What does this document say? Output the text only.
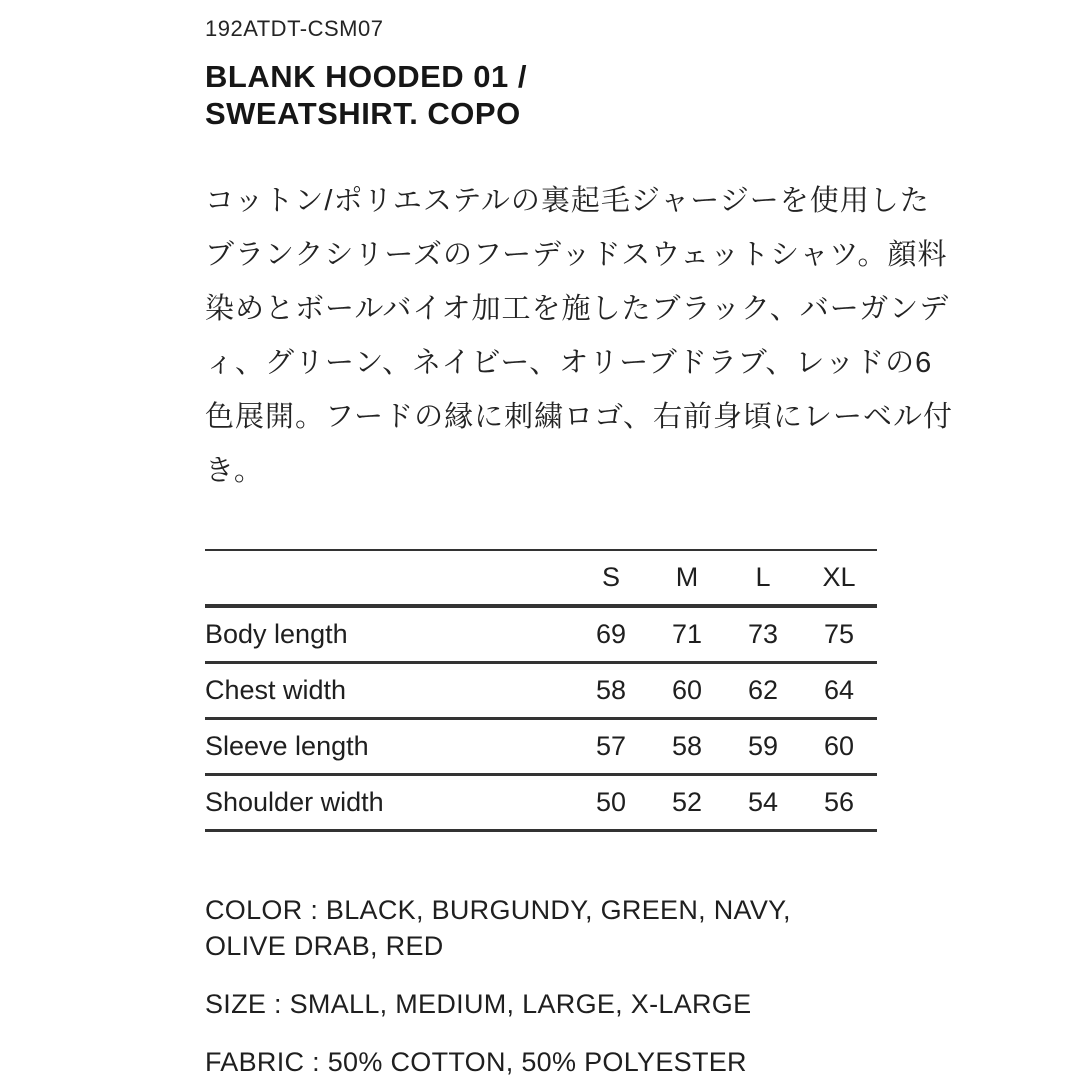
192ATDT-CSM07
BLANK HOODED 01 /
SWEATSHIRT. COPO
コットン/ポリエステルの裏起毛ジャージーを使用した
ブランクシリーズのフーデッドスウェットシャツ。顔料
染めとボールバイオ加工を施したブラック、バーガンデ
ィ、グリーン、ネイビー、オリーブドラブ、レッドの6
色展開。フードの縁に刺繍ロゴ、右前身頃にレーベル付
き。
	S	M	L	XL
Body length	69	71	73	75
Chest width	58	60	62	64
Sleeve length	57	58	59	60
Shoulder width	50	52	54	56
COLOR : BLACK, BURGUNDY, GREEN, NAVY, OLIVE DRAB, RED
SIZE : SMALL, MEDIUM, LARGE, X-LARGE
FABRIC : 50% COTTON, 50% POLYESTER
